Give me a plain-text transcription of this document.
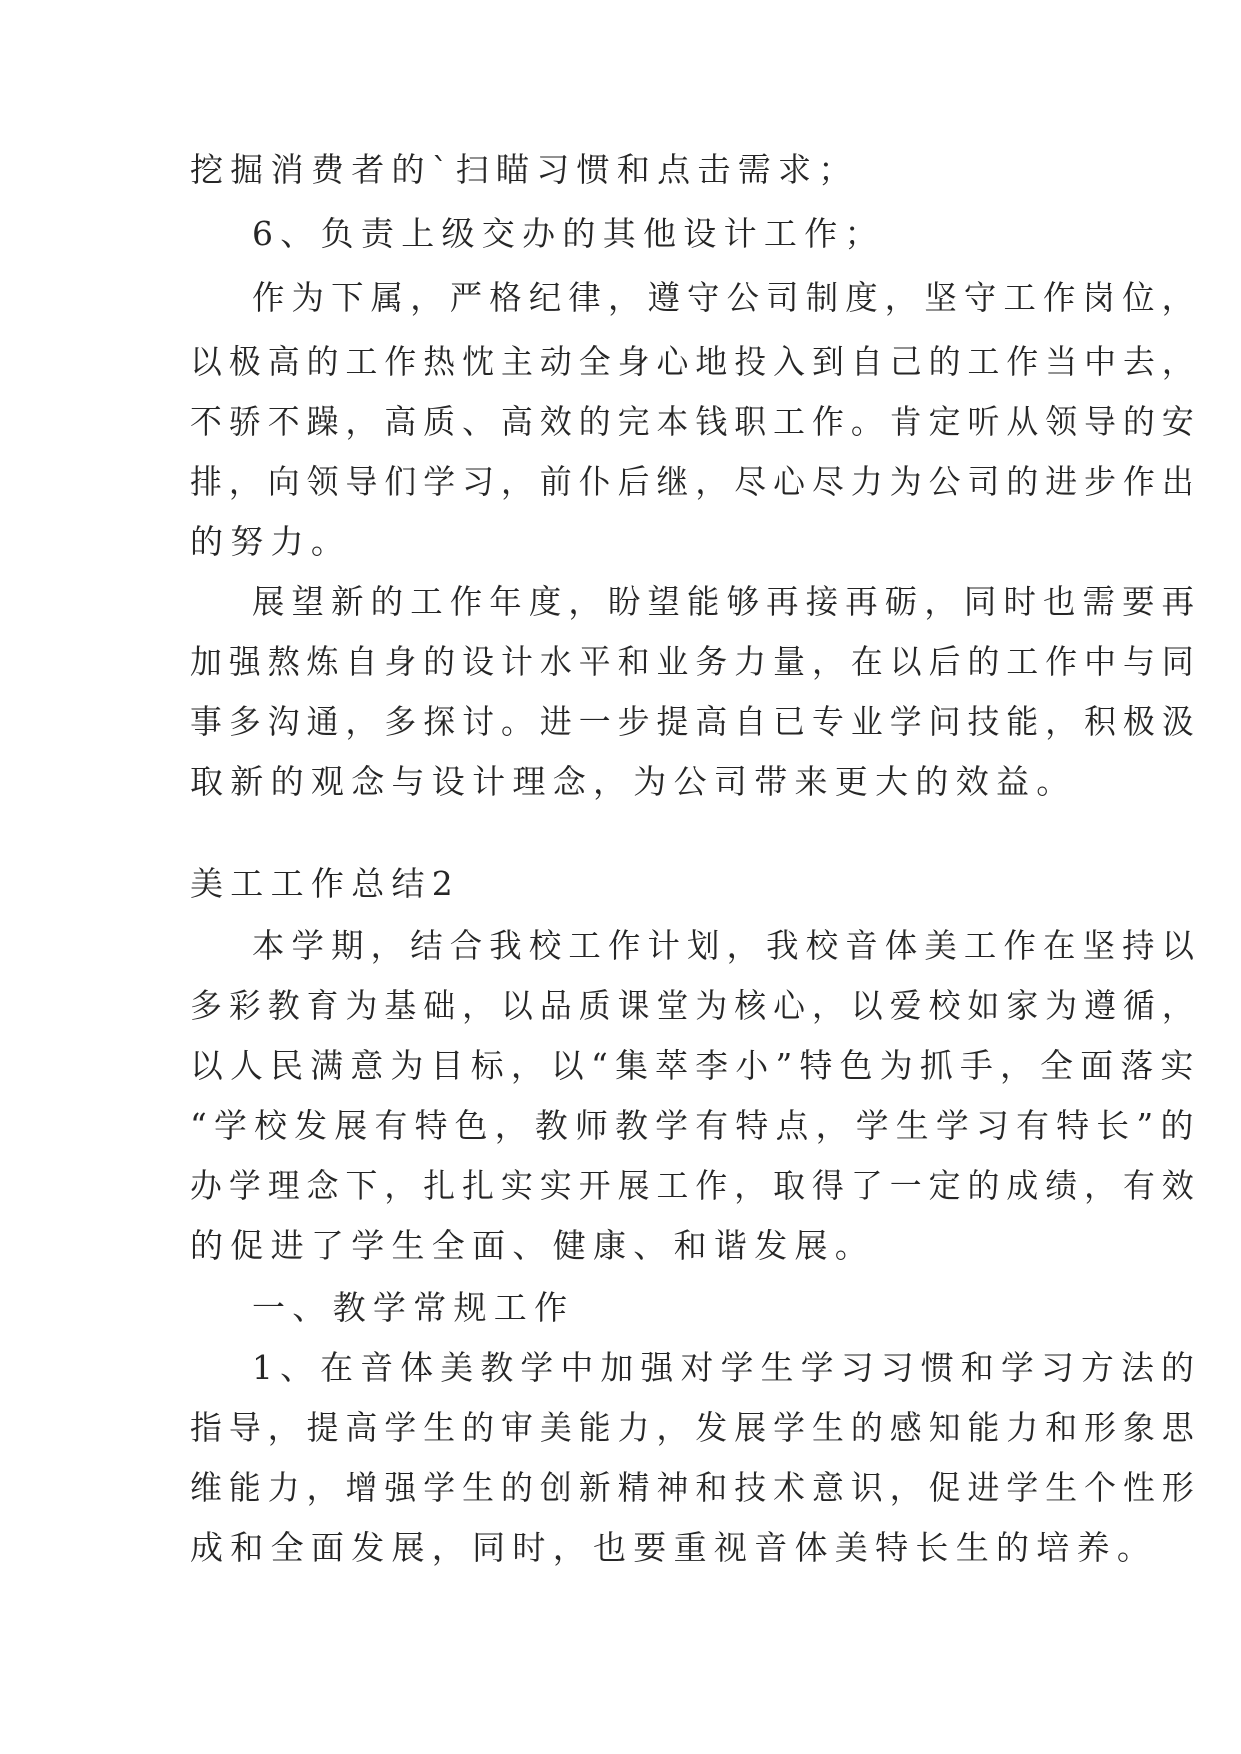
挖掘消费者的`扫瞄习惯和点击需求；
6、负责上级交办的其他设计工作；
作为下属，严格纪律，遵守公司制度，坚守工作岗位，
以极高的工作热忱主动全身心地投入到自己的工作当中去，
不骄不躁，高质、高效的完本钱职工作。肯定听从领导的安
排，向领导们学习，前仆后继，尽心尽力为公司的进步作出
的努力。
展望新的工作年度，盼望能够再接再砺，同时也需要再
加强熬炼自身的设计水平和业务力量，在以后的工作中与同
事多沟通，多探讨。进一步提高自已专业学问技能，积极汲
取新的观念与设计理念，为公司带来更大的效益。
美工工作总结2
本学期，结合我校工作计划，我校音体美工作在坚持以
多彩教育为基础，以品质课堂为核心，以爱校如家为遵循，
以人民满意为目标，以“集萃李小”特色为抓手，全面落实
“学校发展有特色，教师教学有特点，学生学习有特长”的
办学理念下，扎扎实实开展工作，取得了一定的成绩，有效
的促进了学生全面、健康、和谐发展。
一、教学常规工作
1、在音体美教学中加强对学生学习习惯和学习方法的
指导，提高学生的审美能力，发展学生的感知能力和形象思
维能力，增强学生的创新精神和技术意识，促进学生个性形
成和全面发展，同时，也要重视音体美特长生的培养。
